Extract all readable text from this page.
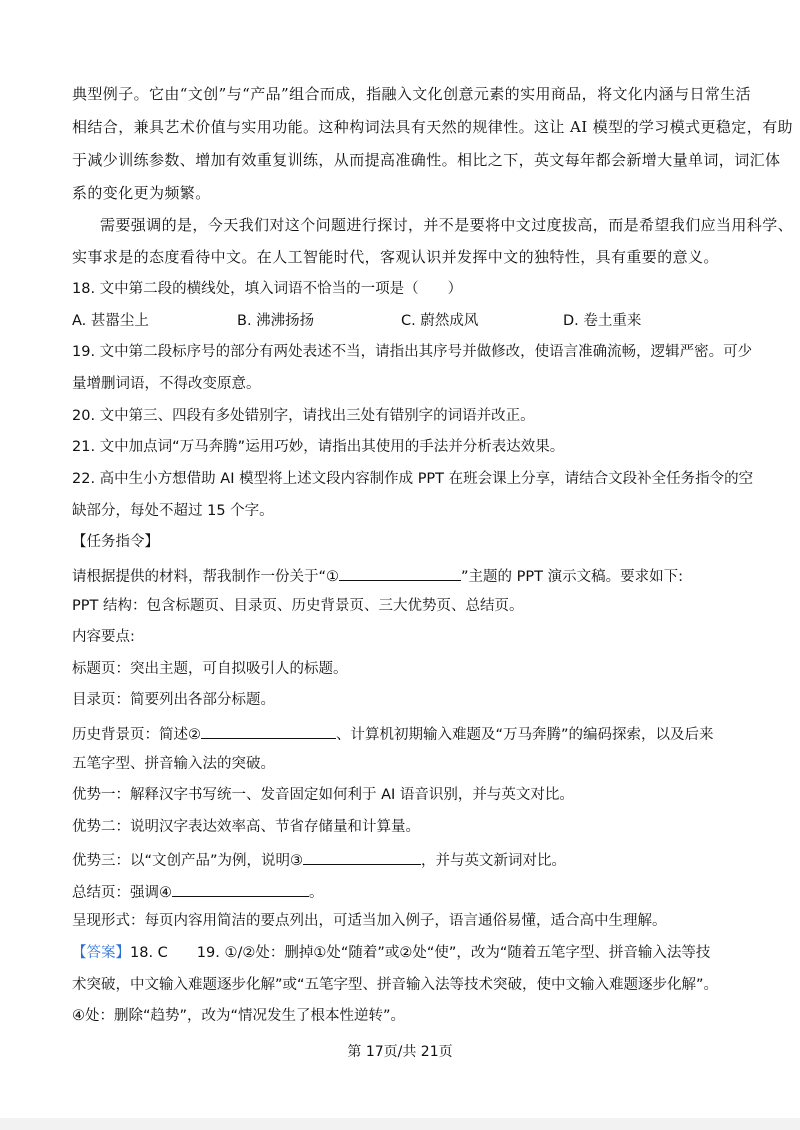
典型例子。它由“文创”与“产品”组合而成，指融入文化创意元素的实用商品，将文化内涵与日常生活
相结合，兼具艺术价值与实用功能。这种构词法具有天然的规律性。这让 AI 模型的学习模式更稳定，有助
于减少训练参数、增加有效重复训练，从而提高准确性。相比之下，英文每年都会新增大量单词，词汇体
系的变化更为频繁。
需要强调的是，今天我们对这个问题进行探讨，并不是要将中文过度拔高，而是希望我们应当用科学、
实事求是的态度看待中文。在人工智能时代，客观认识并发挥中文的独特性，具有重要的意义。
18. 文中第二段的横线处，填入词语不恰当的一项是（　　）
A. 甚嚣尘上	B. 沸沸扬扬	C. 蔚然成风	D. 卷土重来
19. 文中第二段标序号的部分有两处表述不当，请指出其序号并做修改，使语言准确流畅，逻辑严密。可少
量增删词语，不得改变原意。
20. 文中第三、四段有多处错别字，请找出三处有错别字的词语并改正。
21. 文中加点词“万马奔腾”运用巧妙，请指出其使用的手法并分析表达效果。
22. 高中生小方想借助 AI 模型将上述文段内容制作成 PPT 在班会课上分享，请结合文段补全任务指令的空
缺部分，每处不超过 15 个字。
【任务指令】
请根据提供的材料，帮我制作一份关于“①	”主题的 PPT 演示文稿。要求如下:
PPT 结构：包含标题页、目录页、历史背景页、三大优势页、总结页。
内容要点:
标题页：突出主题，可自拟吸引人的标题。
目录页：简要列出各部分标题。
历史背景页：简述②	、计算机初期输入难题及“万马奔腾”的编码探索，以及后来
五笔字型、拼音输入法的突破。
优势一：解释汉字书写统一、发音固定如何利于 AI 语音识别，并与英文对比。
优势二：说明汉字表达效率高、节省存储量和计算量。
优势三：以“文创产品”为例，说明③	，并与英文新词对比。
总结页：强调④	。
呈现形式：每页内容用简洁的要点列出，可适当加入例子，语言通俗易懂，适合高中生理解。
【答案】18. C　　19. ①/②处：删掉①处“随着”或②处“使”，改为“随着五笔字型、拼音输入法等技
术突破，中文输入难题逐步化解”或“五笔字型、拼音输入法等技术突破，使中文输入难题逐步化解”。
④处：删除“趋势”，改为“情况发生了根本性逆转”。
第 17页/共 21页
